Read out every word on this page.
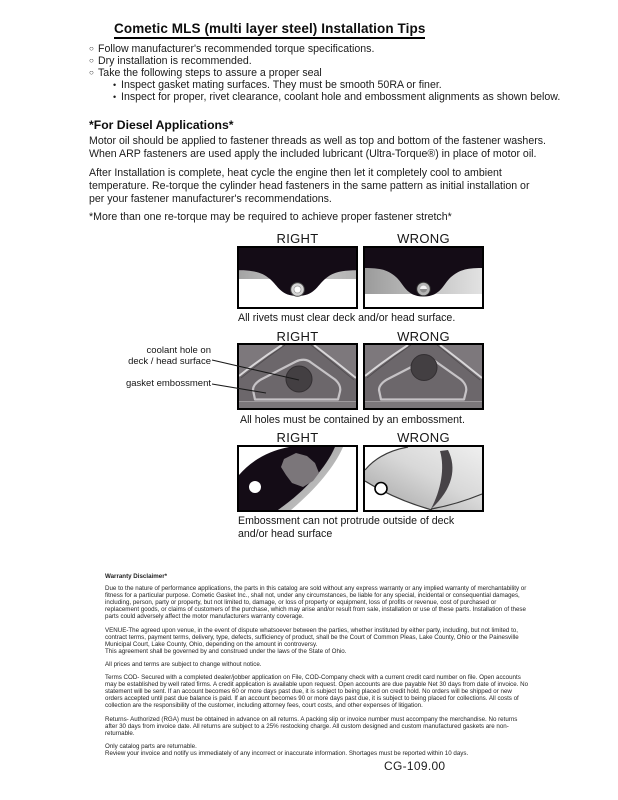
Cometic MLS (multi layer steel) Installation Tips
○ Follow manufacturer's recommended torque specifications.
○ Dry installation is recommended.
○ Take the following steps to assure a proper seal
• Inspect gasket mating surfaces. They must be smooth 50RA or finer.
• Inspect for proper, rivet clearance, coolant hole and embossment alignments as shown below.
*For Diesel Applications*
Motor oil should be applied to fastener threads as well as top and bottom of the fastener washers. When ARP fasteners are used apply the included lubricant (Ultra-Torque®) in place of motor oil.
After Installation is complete, heat cycle the engine then let it completely cool to ambient temperature. Re-torque the cylinder head fasteners in the same pattern as initial installation or per your fastener manufacturer's recommendations.
*More than one re-torque may be required to achieve proper fastener stretch*
RIGHT	WRONG
All rivets must clear deck and/or head surface.
RIGHT	WRONG
coolant hole on
deck / head surface
gasket embossment
All holes must be contained by an embossment.
RIGHT	WRONG
Embossment can not protrude outside of deck and/or head surface

Warranty Disclaimer*

Due to the nature of performance applications, the parts in this catalog are sold without any express warranty or any implied warranty of merchantability or fitness for a particular purpose. Cometic Gasket Inc., shall not, under any circumstances, be liable for any special, incidental or consequential damages, including, person, party or property, but not limited to, damage, or loss of property or equipment, loss of profits or revenue, cost of purchased or replacement goods, or claims of customers of the purchase, which may arise and/or result from sale, installation or use of these parts. Installation of these parts could adversely affect the motor manufacturers warranty coverage.

VENUE-The agreed upon venue, in the event of dispute whatsoever between the parties, whether instituted by either party, including, but not limited to, contract terms, payment terms, delivery, type, defects, sufficiency of product, shall be the Court of Common Pleas, Lake County, Ohio or the Painesville Municipal Court, Lake County, Ohio, depending on the amount in controversy.

This agreement shall be governed by and construed under the laws of the State of Ohio.

All prices and terms are subject to change without notice.

Terms COD- Secured with a completed dealer/jobber application on File, COD-Company check with a current credit card number on file. Open accounts may be established by well rated firms. A credit application is available upon request. Open accounts are due payable Net 30 days from date of invoice. No statement will be sent. If an account becomes 60 or more days past due, it is subject to being placed on credit hold. No orders will be shipped or new orders accepted until past due balance is paid. If an account becomes 90 or more days past due, it is subject to being placed for collections. All costs of collection are the responsibility of the customer, including attorney fees, court costs, and other expenses of litigation.

Returns- Authorized (RGA) must be obtained in advance on all returns. A packing slip or invoice number must accompany the merchandise. No returns after 30 days from invoice date. All returns are subject to a 25% restocking charge. All custom designed and custom manufactured gaskets are non-returnable.

Only catalog parts are returnable.

Review your invoice and notify us immediately of any incorrect or inaccurate information. Shortages must be reported within 10 days.

CG-109.00
